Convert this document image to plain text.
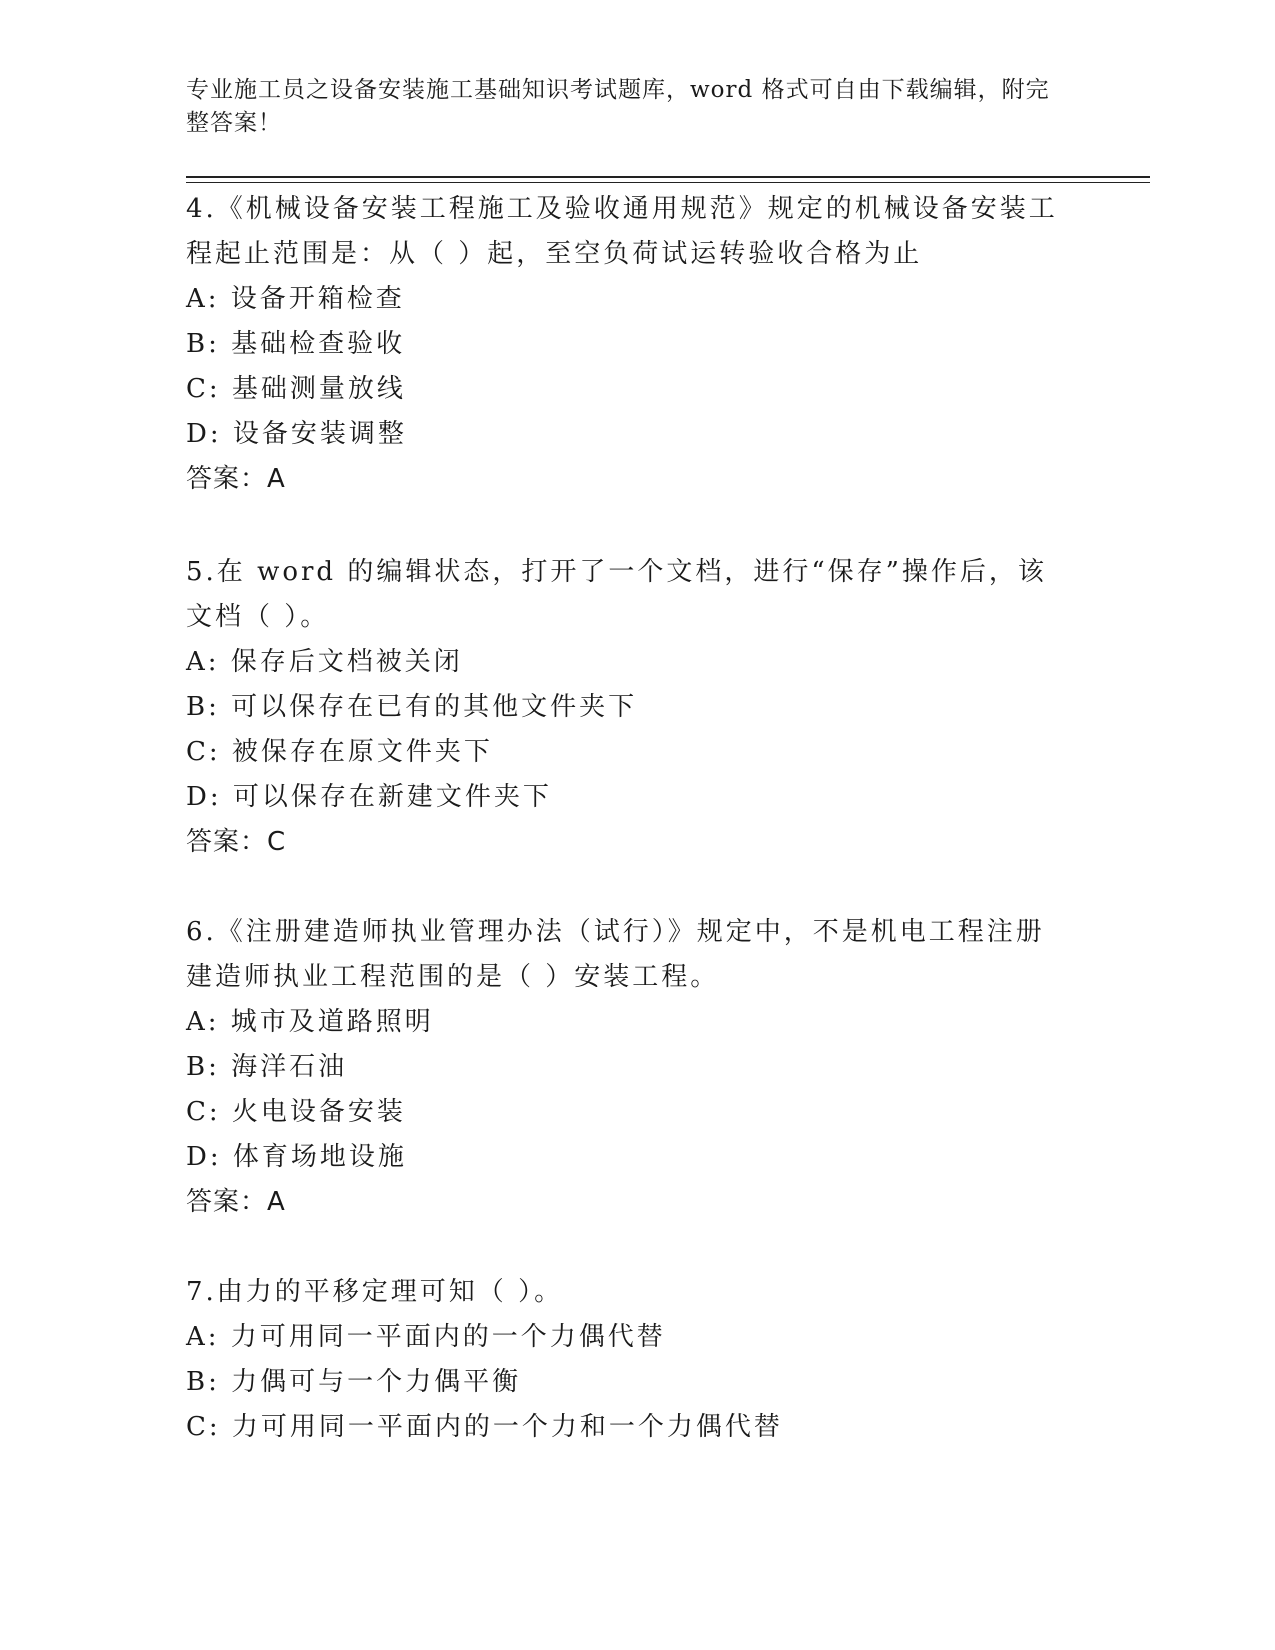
专业施工员之设备安装施工基础知识考试题库，word 格式可自由下载编辑，附完
整答案！

4.《机械设备安装工程施工及验收通用规范》规定的机械设备安装工程起止范围是：从（ ）起，至空负荷试运转验收合格为止

A: 设备开箱检查

B: 基础检查验收

C: 基础测量放线

D: 设备安装调整

答案：A

5.在 word 的编辑状态，打开了一个文档，进行“保存”操作后，该文档（ ）。

A: 保存后文档被关闭

B: 可以保存在已有的其他文件夹下

C: 被保存在原文件夹下

D: 可以保存在新建文件夹下

答案：C

6.《注册建造师执业管理办法（试行）》规定中，不是机电工程注册建造师执业工程范围的是（ ）安装工程。

A: 城市及道路照明

B: 海洋石油

C: 火电设备安装

D: 体育场地设施

答案：A

7.由力的平移定理可知（ ）。

A: 力可用同一平面内的一个力偶代替

B: 力偶可与一个力偶平衡

C: 力可用同一平面内的一个力和一个力偶代替
